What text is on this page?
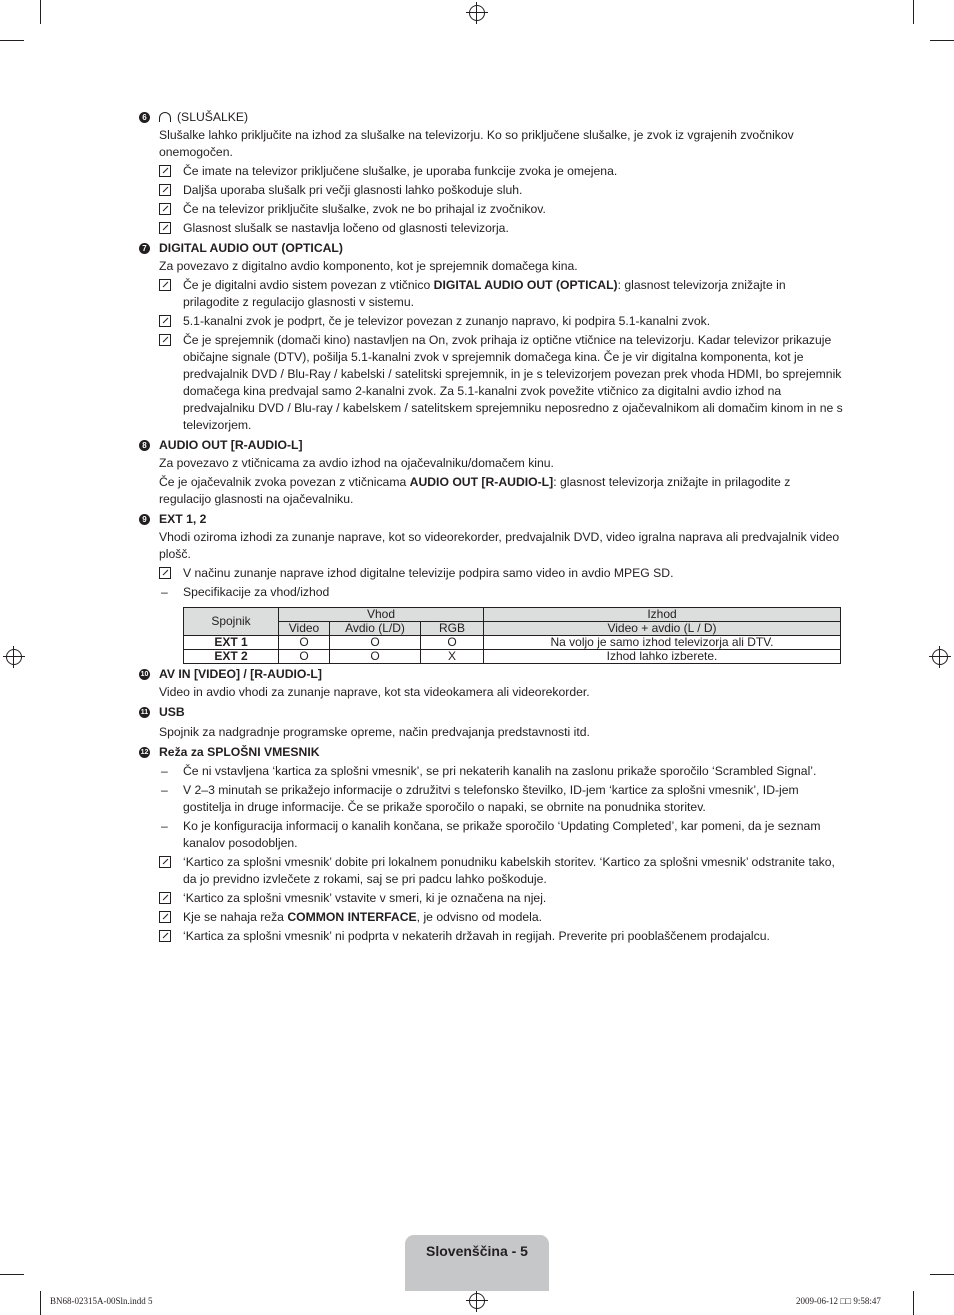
6	(SLUŠALKE)
Slušalke lahko priključite na izhod za slušalke na televizorju. Ko so priključene slušalke, je zvok iz vgrajenih zvočnikov onemogočen.
Če imate na televizor priključene slušalke, je uporaba funkcije zvoka je omejena.
Daljša uporaba slušalk pri večji glasnosti lahko poškoduje sluh.
Če na televizor priključite slušalke, zvok ne bo prihajal iz zvočnikov.
Glasnost slušalk se nastavlja ločeno od glasnosti televizorja.
7 DIGITAL AUDIO OUT (OPTICAL)
Za povezavo z digitalno avdio komponento, kot je sprejemnik domačega kina.
Če je digitalni avdio sistem povezan z vtičnico DIGITAL AUDIO OUT (OPTICAL): glasnost televizorja znižajte in prilagodite z regulacijo glasnosti v sistemu.
5.1-kanalni zvok je podprt, če je televizor povezan z zunanjo napravo, ki podpira 5.1-kanalni zvok.
Če je sprejemnik (domači kino) nastavljen na On, zvok prihaja iz optične vtičnice na televizorju. Kadar televizor prikazuje običajne signale (DTV), pošilja 5.1-kanalni zvok v sprejemnik domačega kina. Če je vir digitalna komponenta, kot je predvajalnik DVD / Blu-Ray / kabelski / satelitski sprejemnik, in je s televizorjem povezan prek vhoda HDMI, bo sprejemnik domačega kina predvajal samo 2-kanalni zvok. Za 5.1-kanalni zvok povežite vtičnico za digitalni avdio izhod na predvajalniku DVD / Blu-ray / kabelskem / satelitskem sprejemniku neposredno z ojačevalnikom ali domačim kinom in ne s televizorjem.
8 AUDIO OUT [R-AUDIO-L]
Za povezavo z vtičnicama za avdio izhod na ojačevalniku/domačem kinu.
Če je ojačevalnik zvoka povezan z vtičnicama AUDIO OUT [R-AUDIO-L]: glasnost televizorja znižajte in prilagodite z regulacijo glasnosti na ojačevalniku.
9 EXT 1, 2
Vhodi oziroma izhodi za zunanje naprave, kot so videorekorder, predvajalnik DVD, video igralna naprava ali predvajalnik video plošč.
V načinu zunanje naprave izhod digitalne televizije podpira samo video in avdio MPEG SD.
– Specifikacije za vhod/izhod
Spojnik	Vhod			Izhod
	Video	Avdio (L/D)	RGB	Video + avdio (L / D)
EXT 1	O	O	O	Na voljo je samo izhod televizorja ali DTV.
EXT 2	O	O	X	Izhod lahko izberete.
10 AV IN [VIDEO] / [R-AUDIO-L]
Video in avdio vhodi za zunanje naprave, kot sta videokamera ali videorekorder.
11 USB
Spojnik za nadgradnje programske opreme, način predvajanja predstavnosti itd.
12 Reža za SPLOŠNI VMESNIK
– Če ni vstavljena ‘kartica za splošni vmesnik’, se pri nekaterih kanalih na zaslonu prikaže sporočilo ‘Scrambled Signal’.
– V 2–3 minutah se prikažejo informacije o združitvi s telefonsko številko, ID-jem ‘kartice za splošni vmesnik’, ID-jem gostitelja in druge informacije. Če se prikaže sporočilo o napaki, se obrnite na ponudnika storitev.
– Ko je konfiguracija informacij o kanalih končana, se prikaže sporočilo ‘Updating Completed’, kar pomeni, da je seznam kanalov posodobljen.
‘Kartico za splošni vmesnik’ dobite pri lokalnem ponudniku kabelskih storitev. ‘Kartico za splošni vmesnik’ odstranite tako, da jo previdno izvlečete z rokami, saj se pri padcu lahko poškoduje.
‘Kartico za splošni vmesnik’ vstavite v smeri, ki je označena na njej.
Kje se nahaja reža COMMON INTERFACE, je odvisno od modela.
‘Kartica za splošni vmesnik’ ni podprta v nekaterih državah in regijah. Preverite pri pooblaščenem prodajalcu.
Slovenščina - 5
BN68-02315A-00Sln.indd 5	2009-06-12 □□ 9:58:47
